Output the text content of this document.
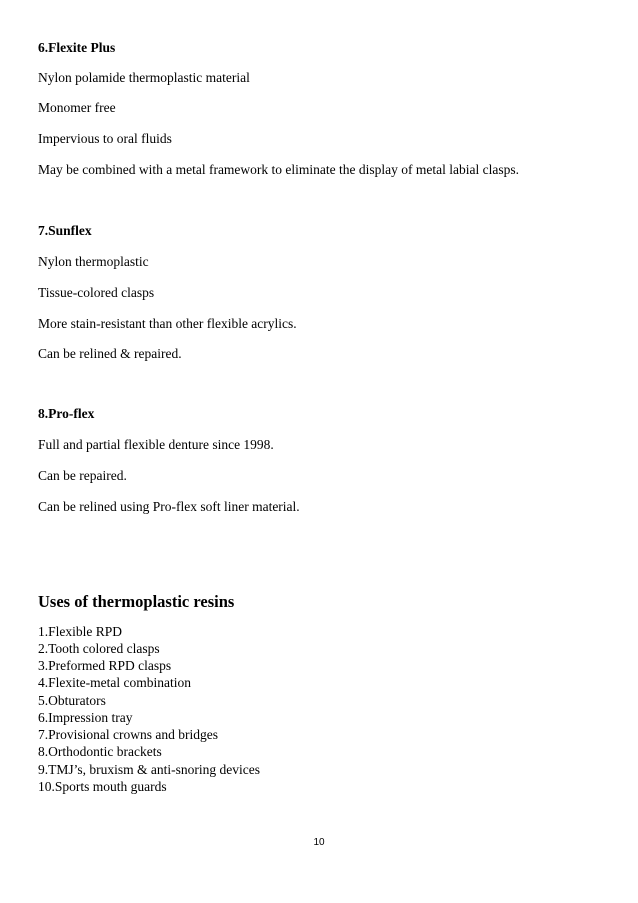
6.Flexite Plus
Nylon polamide thermoplastic material
Monomer free
Impervious to oral fluids
May be combined with a metal framework to eliminate the display of metal labial clasps.
7.Sunflex
Nylon thermoplastic
Tissue-colored clasps
More stain-resistant than other flexible acrylics.
Can be relined & repaired.
8.Pro-flex
Full and partial flexible denture since 1998.
Can be repaired.
Can be relined using Pro-flex soft liner material.
Uses of thermoplastic resins
1.Flexible RPD
2.Tooth colored clasps
3.Preformed RPD clasps
4.Flexite-metal combination
5.Obturators
6.Impression tray
7.Provisional crowns and bridges
8.Orthodontic brackets
9.TMJ’s, bruxism & anti-snoring devices
10.Sports mouth guards
10
